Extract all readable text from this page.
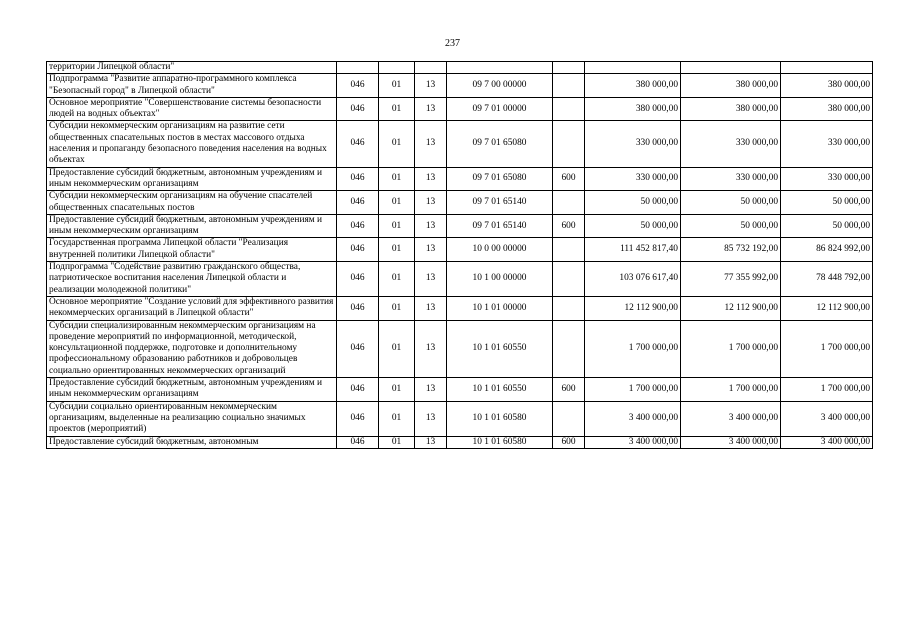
237
территории Липецкой области"								
Подпрограмма "Развитие аппаратно-программного комплекса "Безопасный город" в Липецкой области"	046	01	13	09 7 00 00000		380 000,00	380 000,00	380 000,00
Основное мероприятие "Совершенствование системы безопасности людей на водных объектах"	046	01	13	09 7 01 00000		380 000,00	380 000,00	380 000,00
Субсидии некоммерческим организациям на развитие сети общественных спасательных постов в местах массового отдыха населения и пропаганду безопасного поведения населения на водных объектах	046	01	13	09 7 01 65080		330 000,00	330 000,00	330 000,00
Предоставление субсидий бюджетным, автономным учреждениям и иным некоммерческим организациям	046	01	13	09 7 01 65080	600	330 000,00	330 000,00	330 000,00
Субсидии некоммерческим организациям на обучение спасателей общественных спасательных постов	046	01	13	09 7 01 65140		50 000,00	50 000,00	50 000,00
Предоставление субсидий бюджетным, автономным учреждениям и иным некоммерческим организациям	046	01	13	09 7 01 65140	600	50 000,00	50 000,00	50 000,00
Государственная программа Липецкой области "Реализация внутренней политики Липецкой области"	046	01	13	10 0 00 00000		111 452 817,40	85 732 192,00	86 824 992,00
Подпрограмма "Содействие развитию гражданского общества, патриотическое воспитания населения Липецкой области и реализации молодежной политики"	046	01	13	10 1 00 00000		103 076 617,40	77 355 992,00	78 448 792,00
Основное мероприятие "Создание условий для эффективного развития некоммерческих организаций в Липецкой области"	046	01	13	10 1 01 00000		12 112 900,00	12 112 900,00	12 112 900,00
Субсидии специализированным некоммерческим организациям на проведение мероприятий по информационной, методической, консультационной поддержке, подготовке и дополнительному профессиональному образованию работников и добровольцев социально ориентированных некоммерческих организаций	046	01	13	10 1 01 60550		1 700 000,00	1 700 000,00	1 700 000,00
Предоставление субсидий бюджетным, автономным учреждениям и иным некоммерческим организациям	046	01	13	10 1 01 60550	600	1 700 000,00	1 700 000,00	1 700 000,00
Субсидии социально ориентированным некоммерческим организациям, выделенные на реализацию социально значимых проектов (мероприятий)	046	01	13	10 1 01 60580		3 400 000,00	3 400 000,00	3 400 000,00
Предоставление субсидий бюджетным, автономным	046	01	13	10 1 01 60580	600	3 400 000,00	3 400 000,00	3 400 000,00
